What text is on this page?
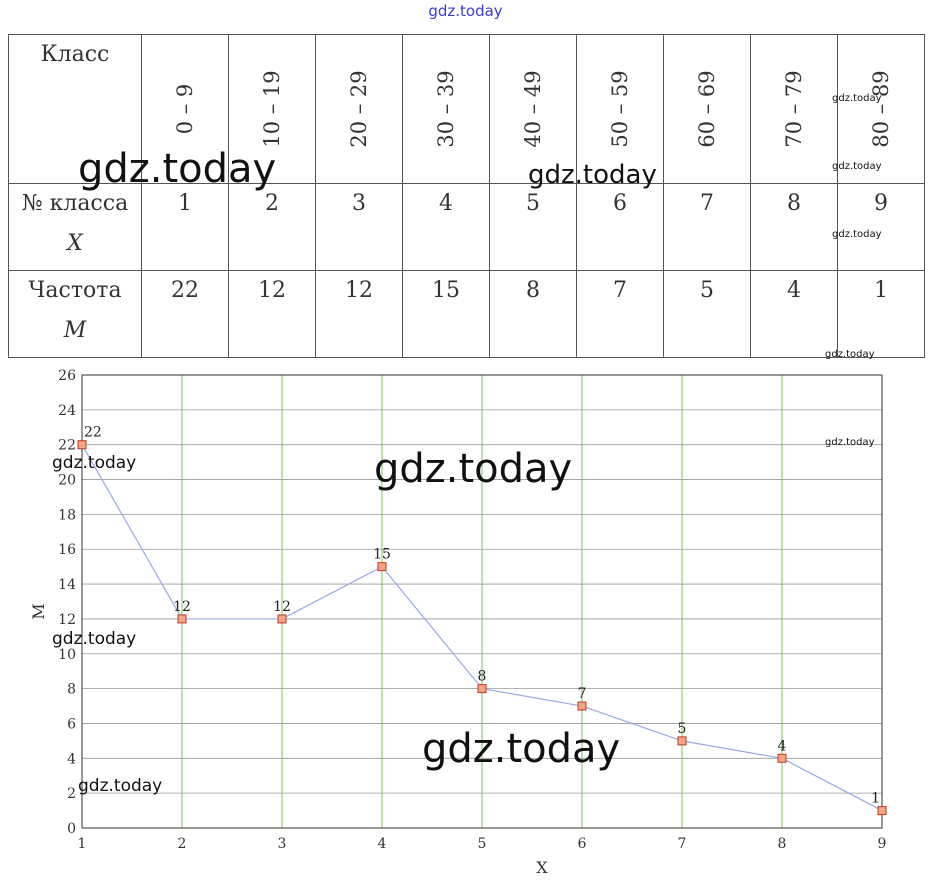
gdz.today
Класс	0 – 9	10 – 19	20 – 29	30 – 39	40 – 49	50 – 59	60 – 69	70 – 79	80 – 89

№ класса
X	1	2	3	4	5	6	7	8	9

Частота
M	22	12	12	15	8	7	5	4	1
0
2
4
6
8
10
12
14
16
18
20
22
24
26
1	2	3	4	5	6	7	8	9
X
M
22
12	12
15
8
7
5
4
1
gdz.today	gdz.today
gdz.today
gdz.today
gdz.today
gdz.today
gdz.today
gdz.today
gdz.today
gdz.today
gdz.today
gdz.today
